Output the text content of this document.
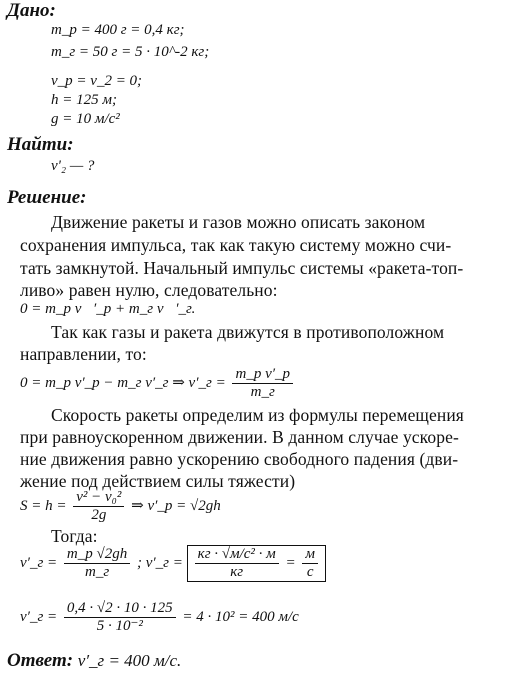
Дано:
m_p = 400 г = 0,4 кг;
m_г = 50 г = 5 · 10^-2 кг;
v_p = v_2 = 0;
h = 125 м;
g = 10 м/с²
Найти:
v'₂ — ?
Решение:
Движение ракеты и газов можно описать законом
сохранения импульса, так как такую систему можно счи-
тать замкнутой. Начальный импульс системы «ракета-топ-
ливо» равен нулю, следовательно:
0 = m_p v⃗′_p + m_г v⃗′_г.
Так как газы и ракета движутся в противоположном
направлении, то:
0 = m_p v′_p − m_г v′_г ⇒ v′_г = $\frac{\text{m\_p v′\_p}}{m\_г}$
Скорость ракеты определим из формулы перемещения
при равноускоренном движении. В данном случае ускоре-
ние движения равно ускорению свободного падения (дви-
жение под действием силы тяжести)
$S = h = \frac{\text{v² − v₀²}}{2g}$ ⇒ v′_p = √2gh
Тогда:
v′_г = $\frac{m\_p √2gh}{m\_г}$ ; v′_г = $\frac{\text{кг · √м/с² · м}}{кг} = \frac{м}{с}$
v′_г = $\frac{0,4 \cdot √2 \cdot 10 \cdot 125}{\text{5 · 10⁻²}} = 4 \cdot 10^2 = 400$ м/с
Ответ: v′_г = 400 м/с.
